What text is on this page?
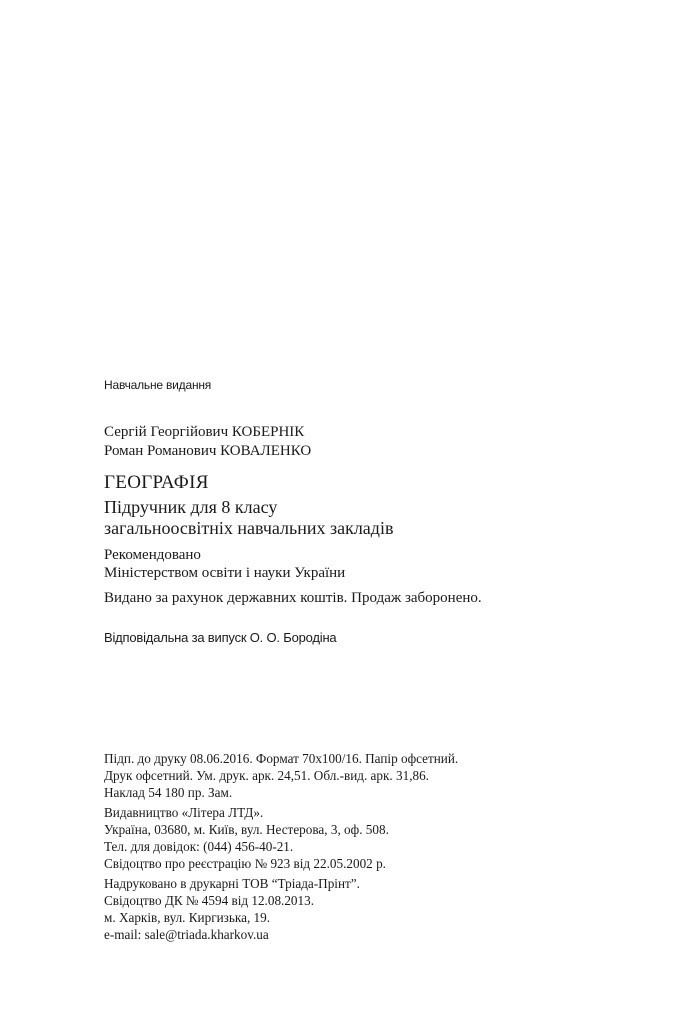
Навчальне видання
Сергій Георгійович КОБЕРНІК
Роман Романович КОВАЛЕНКО
ГЕОГРАФІЯ
Підручник для 8 класу
загальноосвітніх навчальних закладів
Рекомендовано
Міністерством освіти і науки України
Видано за рахунок державних коштів. Продаж заборонено.
Відповідальна за випуск О. О. Бородіна
Підп. до друку 08.06.2016. Формат 70x100/16. Папір офсетний.
Друк офсетний. Ум. друк. арк. 24,51. Обл.-вид. арк. 31,86.
Наклад 54 180 пр. Зам.
Видавництво «Літера ЛТД».
Україна, 03680, м. Київ, вул. Нестерова, 3, оф. 508.
Тел. для довідок: (044) 456-40-21.
Свідоцтво про реєстрацію № 923 від 22.05.2002 р.
Надруковано в друкарні ТОВ “Тріада-Прінт”.
Свідоцтво ДК № 4594 від 12.08.2013.
м. Харків, вул. Киргизька, 19.
e-mail: sale@triada.kharkov.ua
